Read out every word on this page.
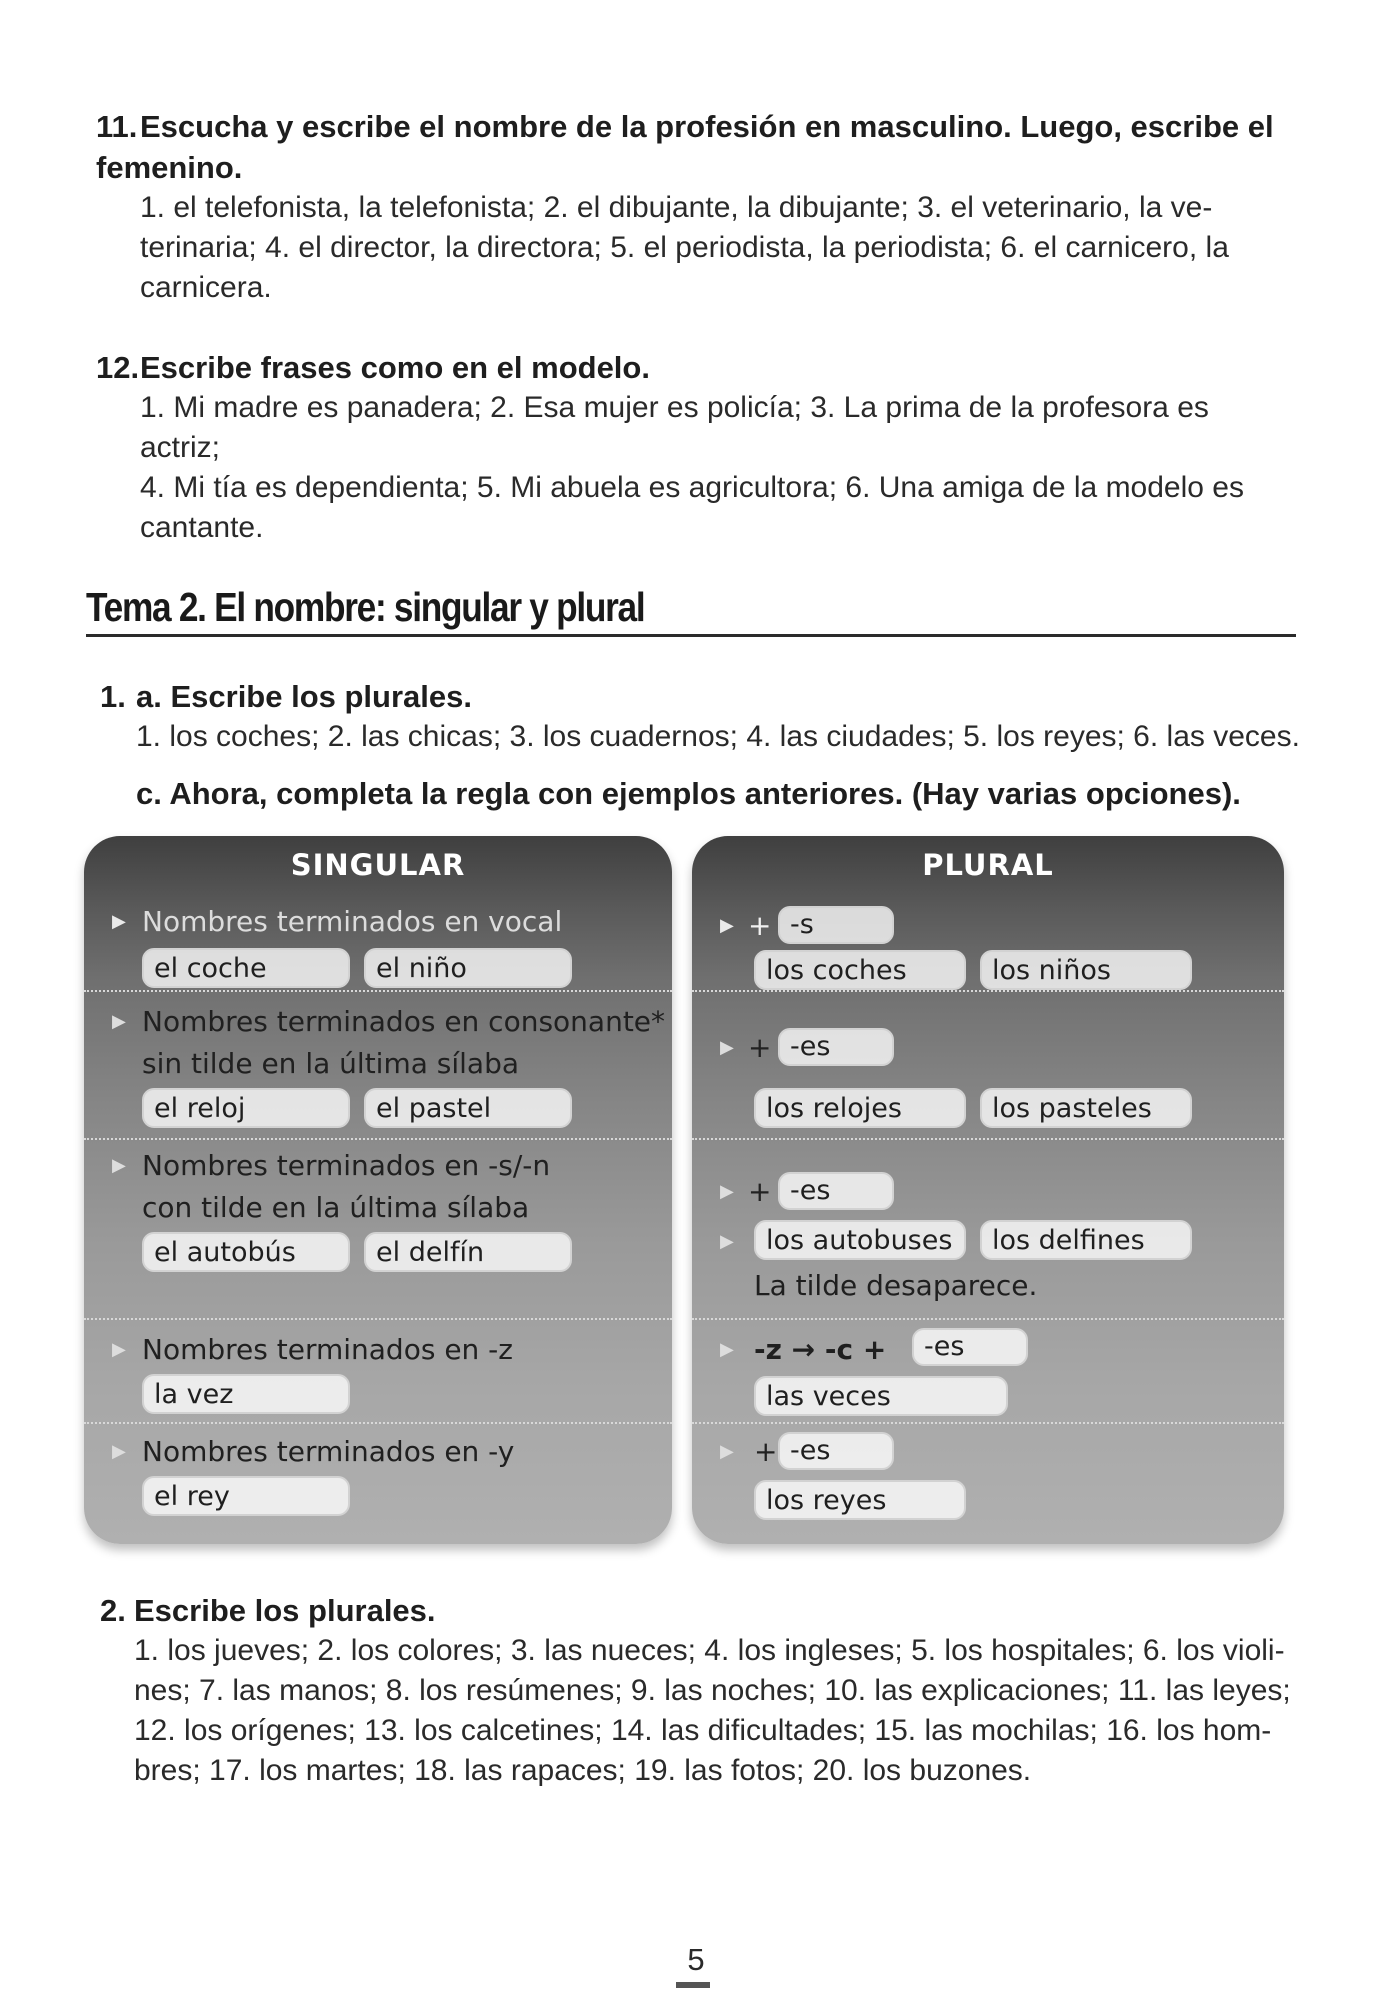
11.Escucha y escribe el nombre de la profesión en masculino. Luego, escribe el femenino.

1. el telefonista, la telefonista; 2. el dibujante, la dibujante; 3. el veterinario, la ve-
terinaria; 4. el director, la directora; 5. el periodista, la periodista; 6. el carnicero, la
carnicera.

12.Escribe frases como en el modelo.

1. Mi madre es panadera; 2. Esa mujer es policía; 3. La prima de la profesora es actriz;
4. Mi tía es dependienta; 5. Mi abuela es agricultora; 6. Una amiga de la modelo es
cantante.
Tema 2. El nombre: singular y plural

1. a. Escribe los plurales.

1. los coches; 2. las chicas; 3. los cuadernos; 4. las ciudades; 5. los reyes; 6. las veces.

c. Ahora, completa la regla con ejemplos anteriores. (Hay varias opciones).

SINGULAR
▶ Nombres terminados en vocal
el coche	el niño
▶ Nombres terminados en consonante*
sin tilde en la última sílaba
el reloj	el pastel
▶ Nombres terminados en -s/-n
con tilde en la última sílaba
el autobús	el delfín
▶ Nombres terminados en -z
la vez
▶ Nombres terminados en -y
el rey
PLURAL
▶ + -s
los coches	los niños
▶ + -es
los relojes	los pasteles
▶ + -es
▶	los autobuses	los delfines
La tilde desaparece.
▶ -z → -c +	-es
las veces
▶ + -es
los reyes

2. Escribe los plurales.

1. los jueves; 2. los colores; 3. las nueces; 4. los ingleses; 5. los hospitales; 6. los violi-
nes; 7. las manos; 8. los resúmenes; 9. las noches; 10. las explicaciones; 11. las leyes;
12. los orígenes; 13. los calcetines; 14. las dificultades; 15. las mochilas; 16. los hom-
bres; 17. los martes; 18. las rapaces; 19. las fotos; 20. los buzones.
5
